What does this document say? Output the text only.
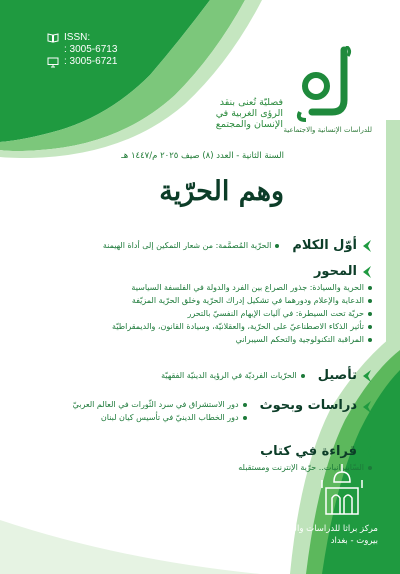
ISSN:
: 3005-6713
: 3005-6721
للدراسات الإنسانية والاجتماعية
فصليّة تُعنى بنقد
الرؤى الغربية في
الإنسان والمجتمع
السنة الثانية - العدد (٨) صيف ٢٠٢٥ م/١٤٤٧ هـ
وهم الحرّية
أوّل الكلام
الحرّية المُصمَّمة: من شعار التمكين إلى أداة الهيمنة
المحور
الحرية والسيادة: جذور الصراع بين الفرد والدولة في الفلسفة السياسية
الدعاية والإعلام ودورهما في تشكيل إدراك الحرّية وخلق الحرّية المزيّفة
حريّة تحت السيطرة: في آليات الإيهام النفسيّ بالتحرر
تأثير الذكاء الاصطناعيّ على الحرّية، والعقلانيّة، وسيادة القانون، والديمقراطيّة
المراقبة التكنولوجية والتحكم السيبراني
تأصيل
الحرّيات الفرديّة في الرؤية الدينيّة الفقهيّة
دراسات وبحوث
دور الاستشراق في سرد الثّورات في العالم العربيّ
دور الخطاب الدينيّ في تأسيس كيان لبنان
قراءة في كتاب
السّايبرانيات.. حرّية الإنترنت ومستقبله
مركز براثا للدراسات والبحوث
بيروت - بغداد
